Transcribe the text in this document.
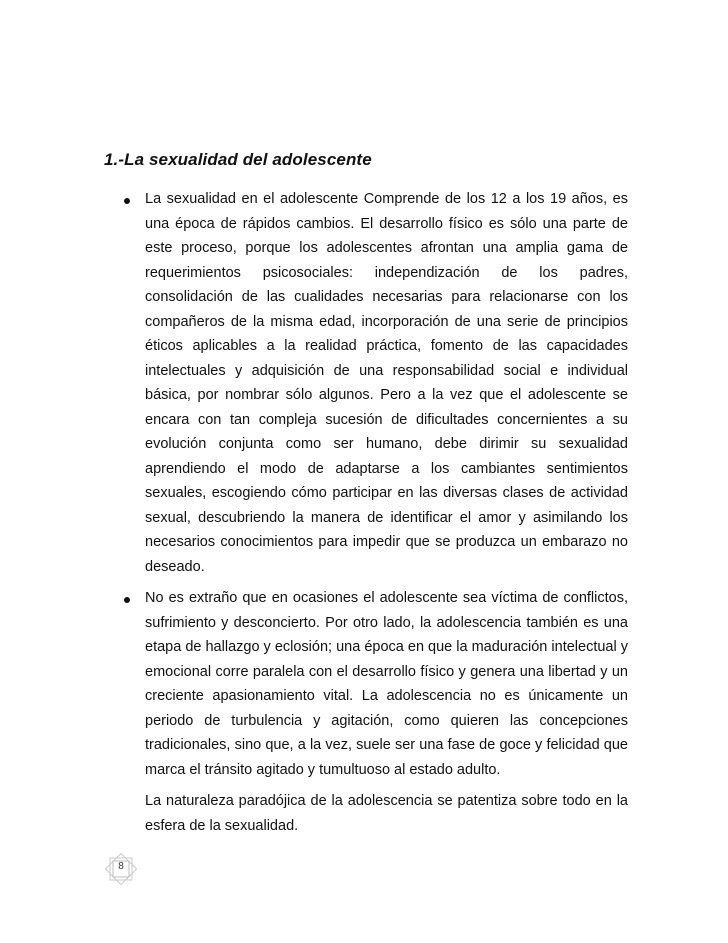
1.-La sexualidad del adolescente

La sexualidad en el adolescente Comprende de los 12 a los 19 años, es una época de rápidos cambios. El desarrollo físico es sólo una parte de este proceso, porque los adolescentes afrontan una amplia gama de requerimientos psicosociales: independización de los padres, consolidación de las cualidades necesarias para relacionarse con los compañeros de la misma edad, incorporación de una serie de principios éticos aplicables a la realidad práctica, fomento de las capacidades intelectuales y adquisición de una responsabilidad social e individual básica, por nombrar sólo algunos. Pero a la vez que el adolescente se encara con tan compleja sucesión de dificultades concernientes a su evolución conjunta como ser humano, debe dirimir su sexualidad aprendiendo el modo de adaptarse a los cambiantes sentimientos sexuales, escogiendo cómo participar en las diversas clases de actividad sexual, descubriendo la manera de identificar el amor y asimilando los necesarios conocimientos para impedir que se produzca un embarazo no deseado.

No es extraño que en ocasiones el adolescente sea víctima de conflictos, sufrimiento y desconcierto. Por otro lado, la adolescencia también es una etapa de hallazgo y eclosión; una época en que la maduración intelectual y emocional corre paralela con el desarrollo físico y genera una libertad y un creciente apasionamiento vital. La adolescencia no es únicamente un periodo de turbulencia y agitación, como quieren las concepciones tradicionales, sino que, a la vez, suele ser una fase de goce y felicidad que marca el tránsito agitado y tumultuoso al estado adulto.

La naturaleza paradójica de la adolescencia se patentiza sobre todo en la esfera de la sexualidad.

8
